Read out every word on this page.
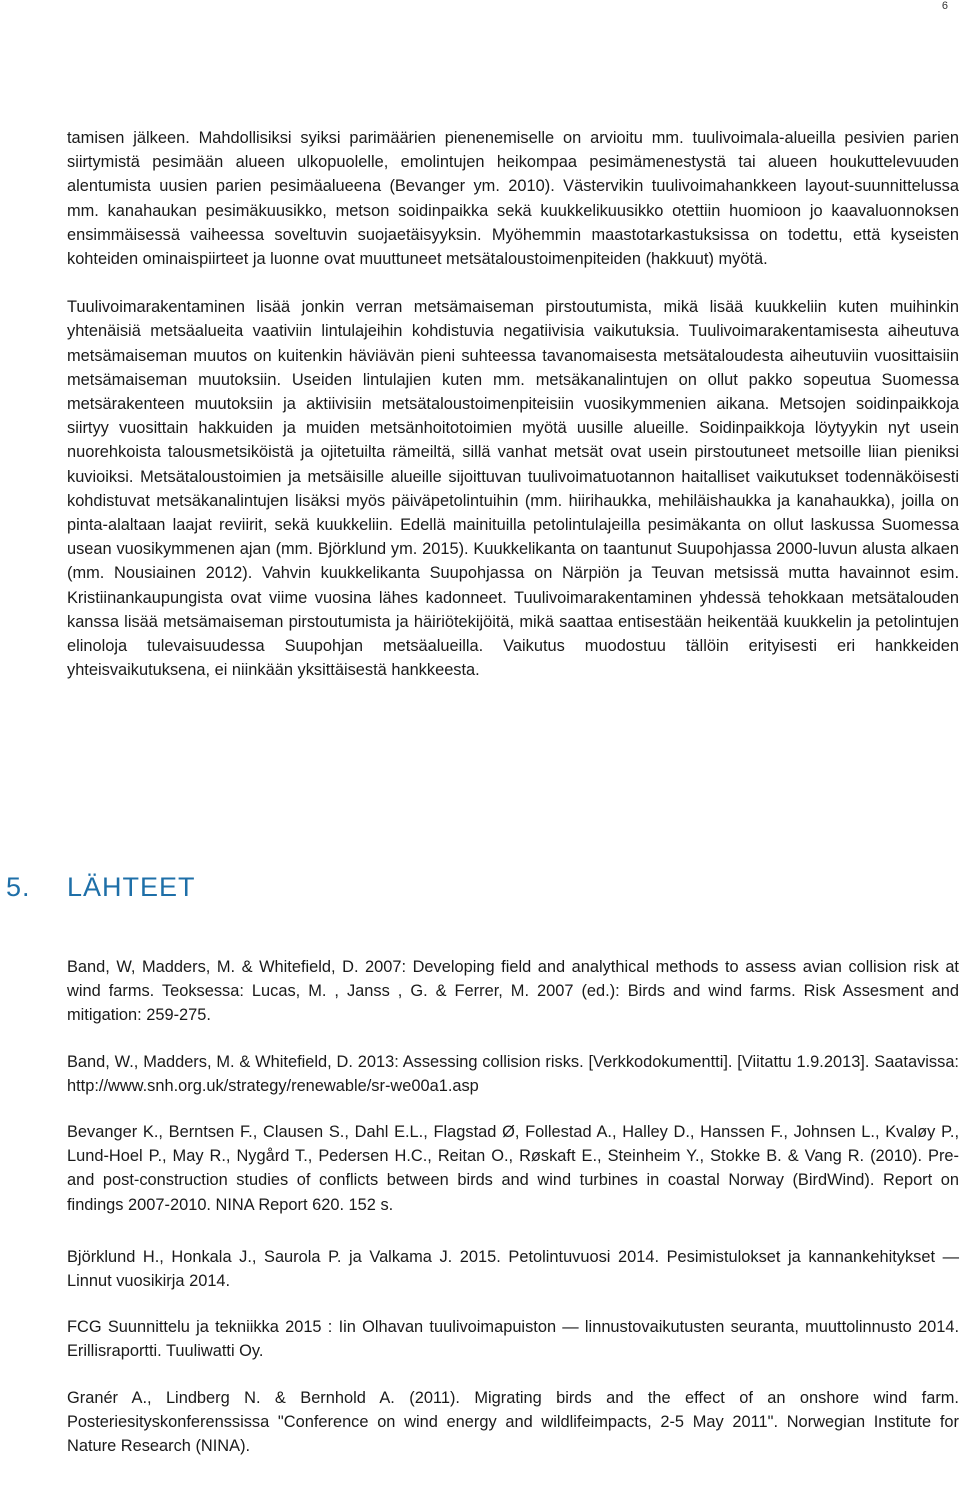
6

tamisen jälkeen. Mahdollisiksi syiksi parimäärien pienenemiselle on arvioitu mm. tuulivoimala-alueilla pesivien parien siirtymistä pesimään alueen ulkopuolelle, emolintujen heikompaa pesimämenestystä tai alueen houkuttelevuuden alentumista uusien parien pesimäalueena (Bevanger ym. 2010). Västervikin tuulivoimahankkeen layout-suunnittelussa mm. kanahaukan pesimäkuusikko, metson soidinpaikka sekä kuukkelikuusikko otettiin huomioon jo kaavaluonnoksen ensimmäisessä vaiheessa soveltuvin suojaetäisyyksin. Myöhemmin maastotarkastuksissa on todettu, että kyseisten kohteiden ominaispiirteet ja luonne ovat muuttuneet metsätaloustoimenpiteiden (hakkuut) myötä.

Tuulivoimarakentaminen lisää jonkin verran metsämaiseman pirstoutumista, mikä lisää kuukkeliin kuten muihinkin yhtenäisiä metsäalueita vaativiin lintulajeihin kohdistuvia negatiivisia vaikutuksia. Tuulivoimarakentamisesta aiheutuva metsämaiseman muutos on kuitenkin häviävän pieni suhteessa tavanomaisesta metsätaloudesta aiheutuviin vuosittaisiin metsämaiseman muutoksiin. Useiden lintulajien kuten mm. metsäkanalintujen on ollut pakko sopeutua Suomessa metsärakenteen muutoksiin ja aktiivisiin metsätaloustoimenpiteisiin vuosikymmenien aikana. Metsojen soidinpaikkoja siirtyy vuosittain hakkuiden ja muiden metsänhoitotoimien myötä uusille alueille. Soidinpaikkoja löytyykin nyt usein nuorehkoista talousmetsiköistä ja ojitetuilta rämeiltä, sillä vanhat metsät ovat usein pirstoutuneet metsoille liian pieniksi kuvioiksi. Metsätaloustoimien ja metsäisille alueille sijoittuvan tuulivoimatuotannon haitalliset vaikutukset todennäköisesti kohdistuvat metsäkanalintujen lisäksi myös päiväpetolintuihin (mm. hiirihaukka, mehiläishaukka ja kanahaukka), joilla on pinta-alaltaan laajat reviirit, sekä kuukkeliin. Edellä mainituilla petolintulajeilla pesimäkanta on ollut laskussa Suomessa usean vuosikymmenen ajan (mm. Björklund ym. 2015). Kuukkelikanta on taantunut Suupohjassa 2000-luvun alusta alkaen (mm. Nousiainen 2012). Vahvin kuukkelikanta Suupohjassa on Närpiön ja Teuvan metsissä mutta havainnot esim. Kristiinankaupungista ovat viime vuosina lähes kadonneet. Tuulivoimarakentaminen yhdessä tehokkaan metsätalouden kanssa lisää metsämaiseman pirstoutumista ja häiriötekijöitä, mikä saattaa entisestään heikentää kuukkelin ja petolintujen elinoloja tulevaisuudessa Suupohjan metsäalueilla. Vaikutus muodostuu tällöin erityisesti eri hankkeiden yhteisvaikutuksena, ei niinkään yksittäisestä hankkeesta.

5. LÄHTEET

Band, W, Madders, M. & Whitefield, D. 2007: Developing field and analythical methods to assess avian collision risk at wind farms. Teoksessa: Lucas, M. , Janss , G. & Ferrer, M. 2007 (ed.): Birds and wind farms. Risk Assesment and mitigation: 259-275.

Band, W., Madders, M. & Whitefield, D. 2013: Assessing collision risks. [Verkkodokumentti]. [Viitattu 1.9.2013]. Saatavissa: http://www.snh.org.uk/strategy/renewable/sr-we00a1.asp

Bevanger K., Berntsen F., Clausen S., Dahl E.L., Flagstad Ø, Follestad A., Halley D., Hanssen F., Johnsen L., Kvaløy P., Lund-Hoel P., May R., Nygård T., Pedersen H.C., Reitan O., Røskaft E., Steinheim Y., Stokke B. & Vang R. (2010). Pre- and post-construction studies of conflicts between birds and wind turbines in coastal Norway (BirdWind). Report on findings 2007-2010. NINA Report 620. 152 s.

Björklund H., Honkala J., Saurola P. ja Valkama J. 2015. Petolintuvuosi 2014. Pesimistulokset ja kannankehitykset — Linnut vuosikirja 2014.

FCG Suunnittelu ja tekniikka 2015 : Iin Olhavan tuulivoimapuiston — linnustovaikutusten seuranta, muuttolinnusto 2014. Erillisraportti. Tuuliwatti Oy.

Granér A., Lindberg N. & Bernhold A. (2011). Migrating birds and the effect of an onshore wind farm. Posteriesityskonferenssissa "Conference on wind energy and wildlifeimpacts, 2-5 May 2011". Norwegian Institute for Nature Research (NINA).
